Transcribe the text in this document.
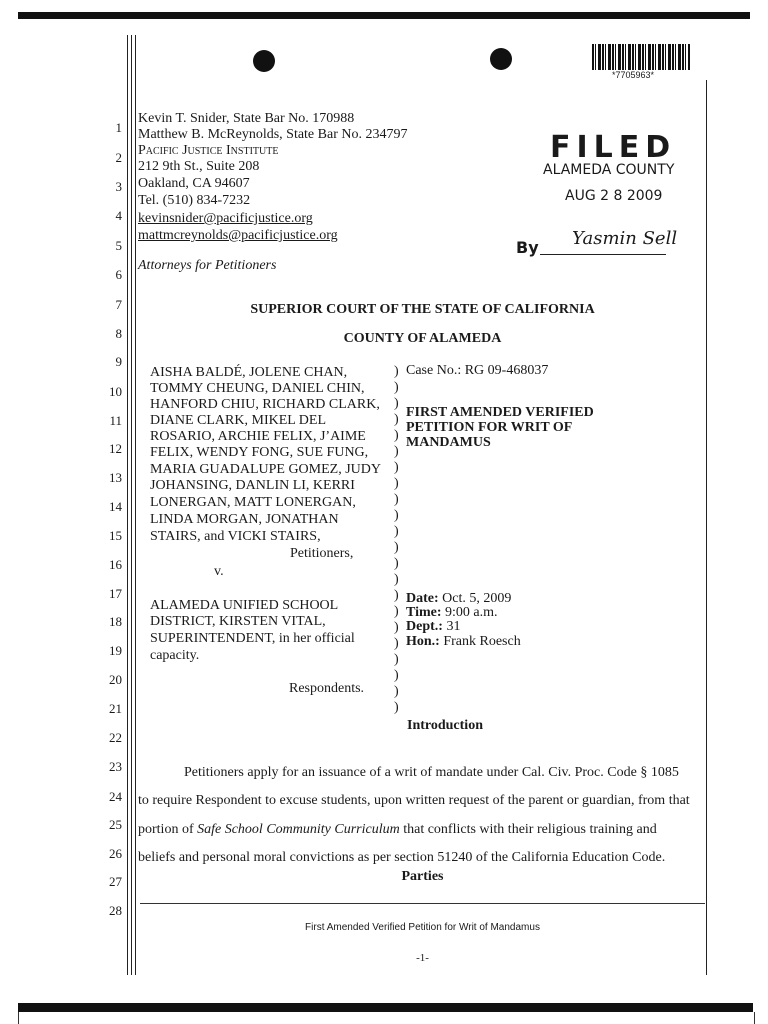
*7705963*
1
2
3
4
5
6
7
8
9
10
11
12
13
14
15
16
17
18
19
20
21
22
23
24
25
26
27
28
Kevin T. Snider, State Bar No. 170988
Matthew B. McReynolds, State Bar No. 234797
Pacific Justice Institute
212 9th St., Suite 208
Oakland, CA 94607
Tel. (510) 834-7232
kevinsnider@pacificjustice.org
mattmcreynolds@pacificjustice.org
Attorneys for Petitioners
FILED
ALAMEDA COUNTY
AUG 2 8 2009
By Yasmin Sell
SUPERIOR COURT OF THE STATE OF CALIFORNIA
COUNTY OF ALAMEDA
AISHA BALDÉ, JOLENE CHAN,
TOMMY CHEUNG, DANIEL CHIN,
HANFORD CHIU, RICHARD CLARK,
DIANE CLARK, MIKEL DEL
ROSARIO, ARCHIE FELIX, J’AIME
FELIX, WENDY FONG, SUE FUNG,
MARIA GUADALUPE GOMEZ, JUDY
JOHANSING, DANLIN LI, KERRI
LONERGAN, MATT LONERGAN,
LINDA MORGAN, JONATHAN
STAIRS, and VICKI STAIRS,
Petitioners,
v.
ALAMEDA UNIFIED SCHOOL
DISTRICT, KIRSTEN VITAL,
SUPERINTENDENT, in her official
capacity.
Respondents.
)
)
)
)
)
)
)
)
)
)
)
)
)
)
)
)
)
)
)
)
)
)
Case No.: RG 09-468037
FIRST AMENDED VERIFIED
PETITION FOR WRIT OF
MANDAMUS
Date: Oct. 5, 2009
Time: 9:00 a.m.
Dept.: 31
Hon.: Frank Roesch
Introduction
Petitioners apply for an issuance of a writ of mandate under Cal. Civ. Proc. Code § 1085
to require Respondent to excuse students, upon written request of the parent or guardian, from that
portion of Safe School Community Curriculum that conflicts with their religious training and
beliefs and personal moral convictions as per section 51240 of the California Education Code.
Parties
First Amended Verified Petition for Writ of Mandamus
-1-
